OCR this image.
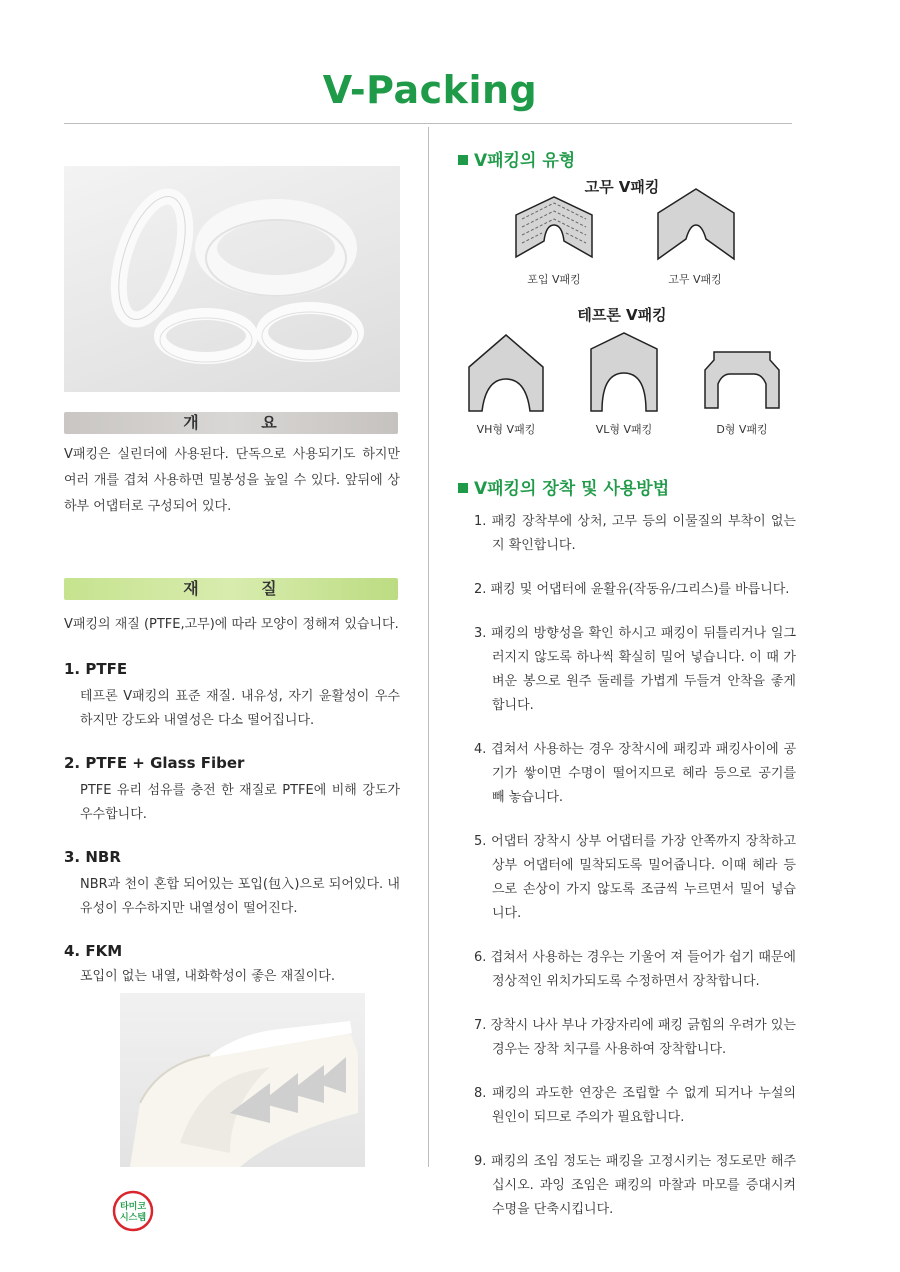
V-Packing
개        요
V패킹은 실린더에 사용된다. 단독으로 사용되기도 하지만 여러 개를 겹쳐 사용하면 밀봉성을 높일 수 있다. 앞뒤에 상하부 어댑터로 구성되어 있다.
재        질
V패킹의 재질 (PTFE,고무)에 따라 모양이 정해져 있습니다.
1. PTFE
테프론 V패킹의 표준 재질. 내유성, 자기 윤활성이 우수하지만 강도와 내열성은 다소 떨어집니다.
2. PTFE + Glass Fiber
PTFE 유리 섬유를 충전 한 재질로 PTFE에 비해 강도가 우수합니다.
3. NBR
NBR과 천이 혼합 되어있는 포입(包入)으로 되어있다. 내유성이 우수하지만 내열성이 떨어진다.
4. FKM
포입이 없는 내열, 내화학성이 좋은 재질이다.
타미코
시스템
V패킹의 유형
고무 V패킹
포입 V패킹	고무 V패킹
테프론 V패킹
VH형 V패킹	VL형 V패킹	D형 V패킹
V패킹의 장착 및 사용방법
1. 패킹 장착부에 상처, 고무 등의 이물질의 부착이 없는지 확인합니다.
2. 패킹 및 어댑터에 윤활유(작동유/그리스)를 바릅니다.
3. 패킹의 방향성을 확인 하시고 패킹이 뒤틀리거나 일그러지지 않도록 하나씩 확실히 밀어 넣습니다. 이 때 가벼운 봉으로 원주 둘레를 가볍게 두들겨 안착을 좋게 합니다.
4. 겹쳐서 사용하는 경우 장착시에 패킹과 패킹사이에 공기가 쌓이면 수명이 떨어지므로 헤라 등으로 공기를 빼 놓습니다.
5. 어댑터 장착시 상부 어댑터를 가장 안쪽까지 장착하고 상부 어댑터에 밀착되도록 밀어줍니다. 이때 헤라 등으로 손상이 가지 않도록 조금씩 누르면서 밀어 넣습니다.
6. 겹쳐서 사용하는 경우는 기울어 져 들어가 쉽기 때문에 정상적인 위치가되도록 수정하면서 장착합니다.
7. 장착시 나사 부나 가장자리에 패킹 긁힘의 우려가 있는 경우는 장착 치구를 사용하여 장착합니다.
8. 패킹의 과도한 연장은 조립할 수 없게 되거나 누설의 원인이 되므로 주의가 필요합니다.
9. 패킹의 조임 정도는 패킹을 고정시키는 정도로만 해주십시오. 과잉 조임은 패킹의 마찰과 마모를 증대시켜 수명을 단축시킵니다.
